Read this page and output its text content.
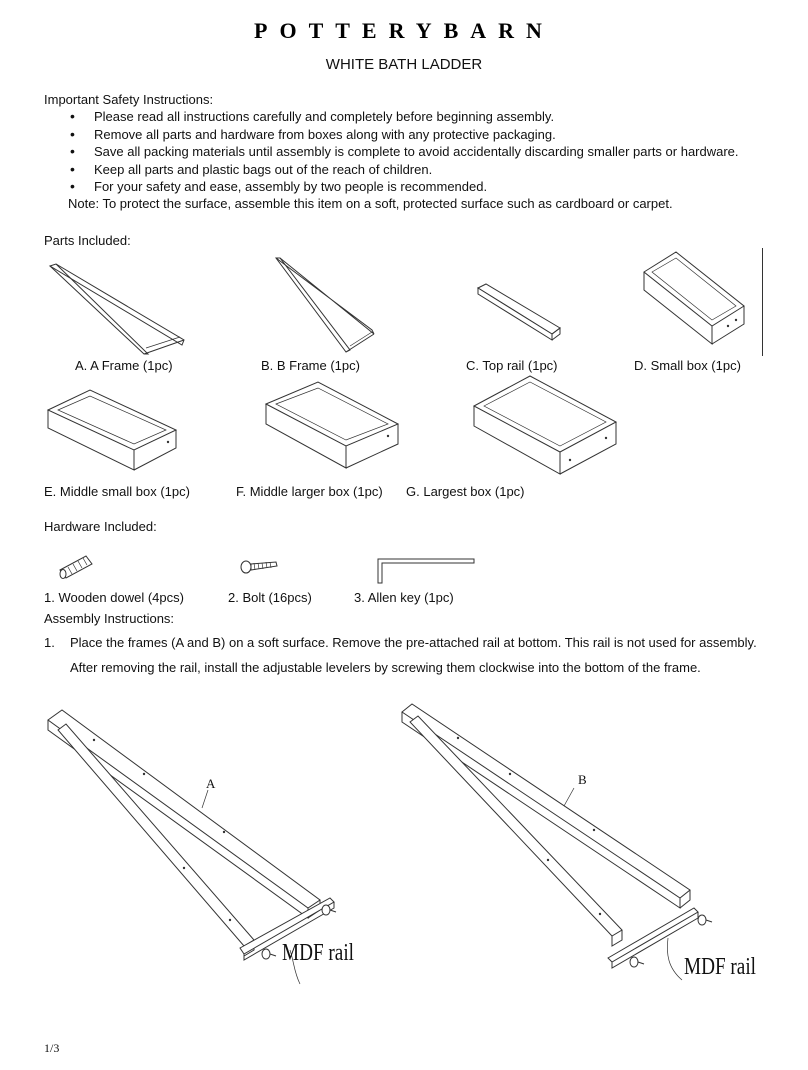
POTTERYBARN
WHITE BATH LADDER
Important Safety Instructions:
• Please read all instructions carefully and completely before beginning assembly.
• Remove all parts and hardware from boxes along with any protective packaging.
• Save all packing materials until assembly is complete to avoid accidentally discarding smaller parts or hardware.
• Keep all parts and plastic bags out of the reach of children.
• For your safety and ease, assembly by two people is recommended.
Note: To protect the surface, assemble this item on a soft, protected surface such as cardboard or carpet.
Parts Included:
A. A Frame (1pc)	B. B Frame (1pc)	C. Top rail (1pc)	D. Small box (1pc)
E. Middle small box (1pc)	F. Middle larger box (1pc) G. Largest box (1pc)
Hardware Included:
1. Wooden dowel (4pcs)	2. Bolt (16pcs)	3. Allen key (1pc)
Assembly Instructions:
1. Place the frames (A and B) on a soft surface. Remove the pre-attached rail at bottom. This rail is not used for assembly.
After removing the rail, install the adjustable levelers by screwing them clockwise into the bottom of the frame.
A
MDF rail
B
MDF rail
1/3
